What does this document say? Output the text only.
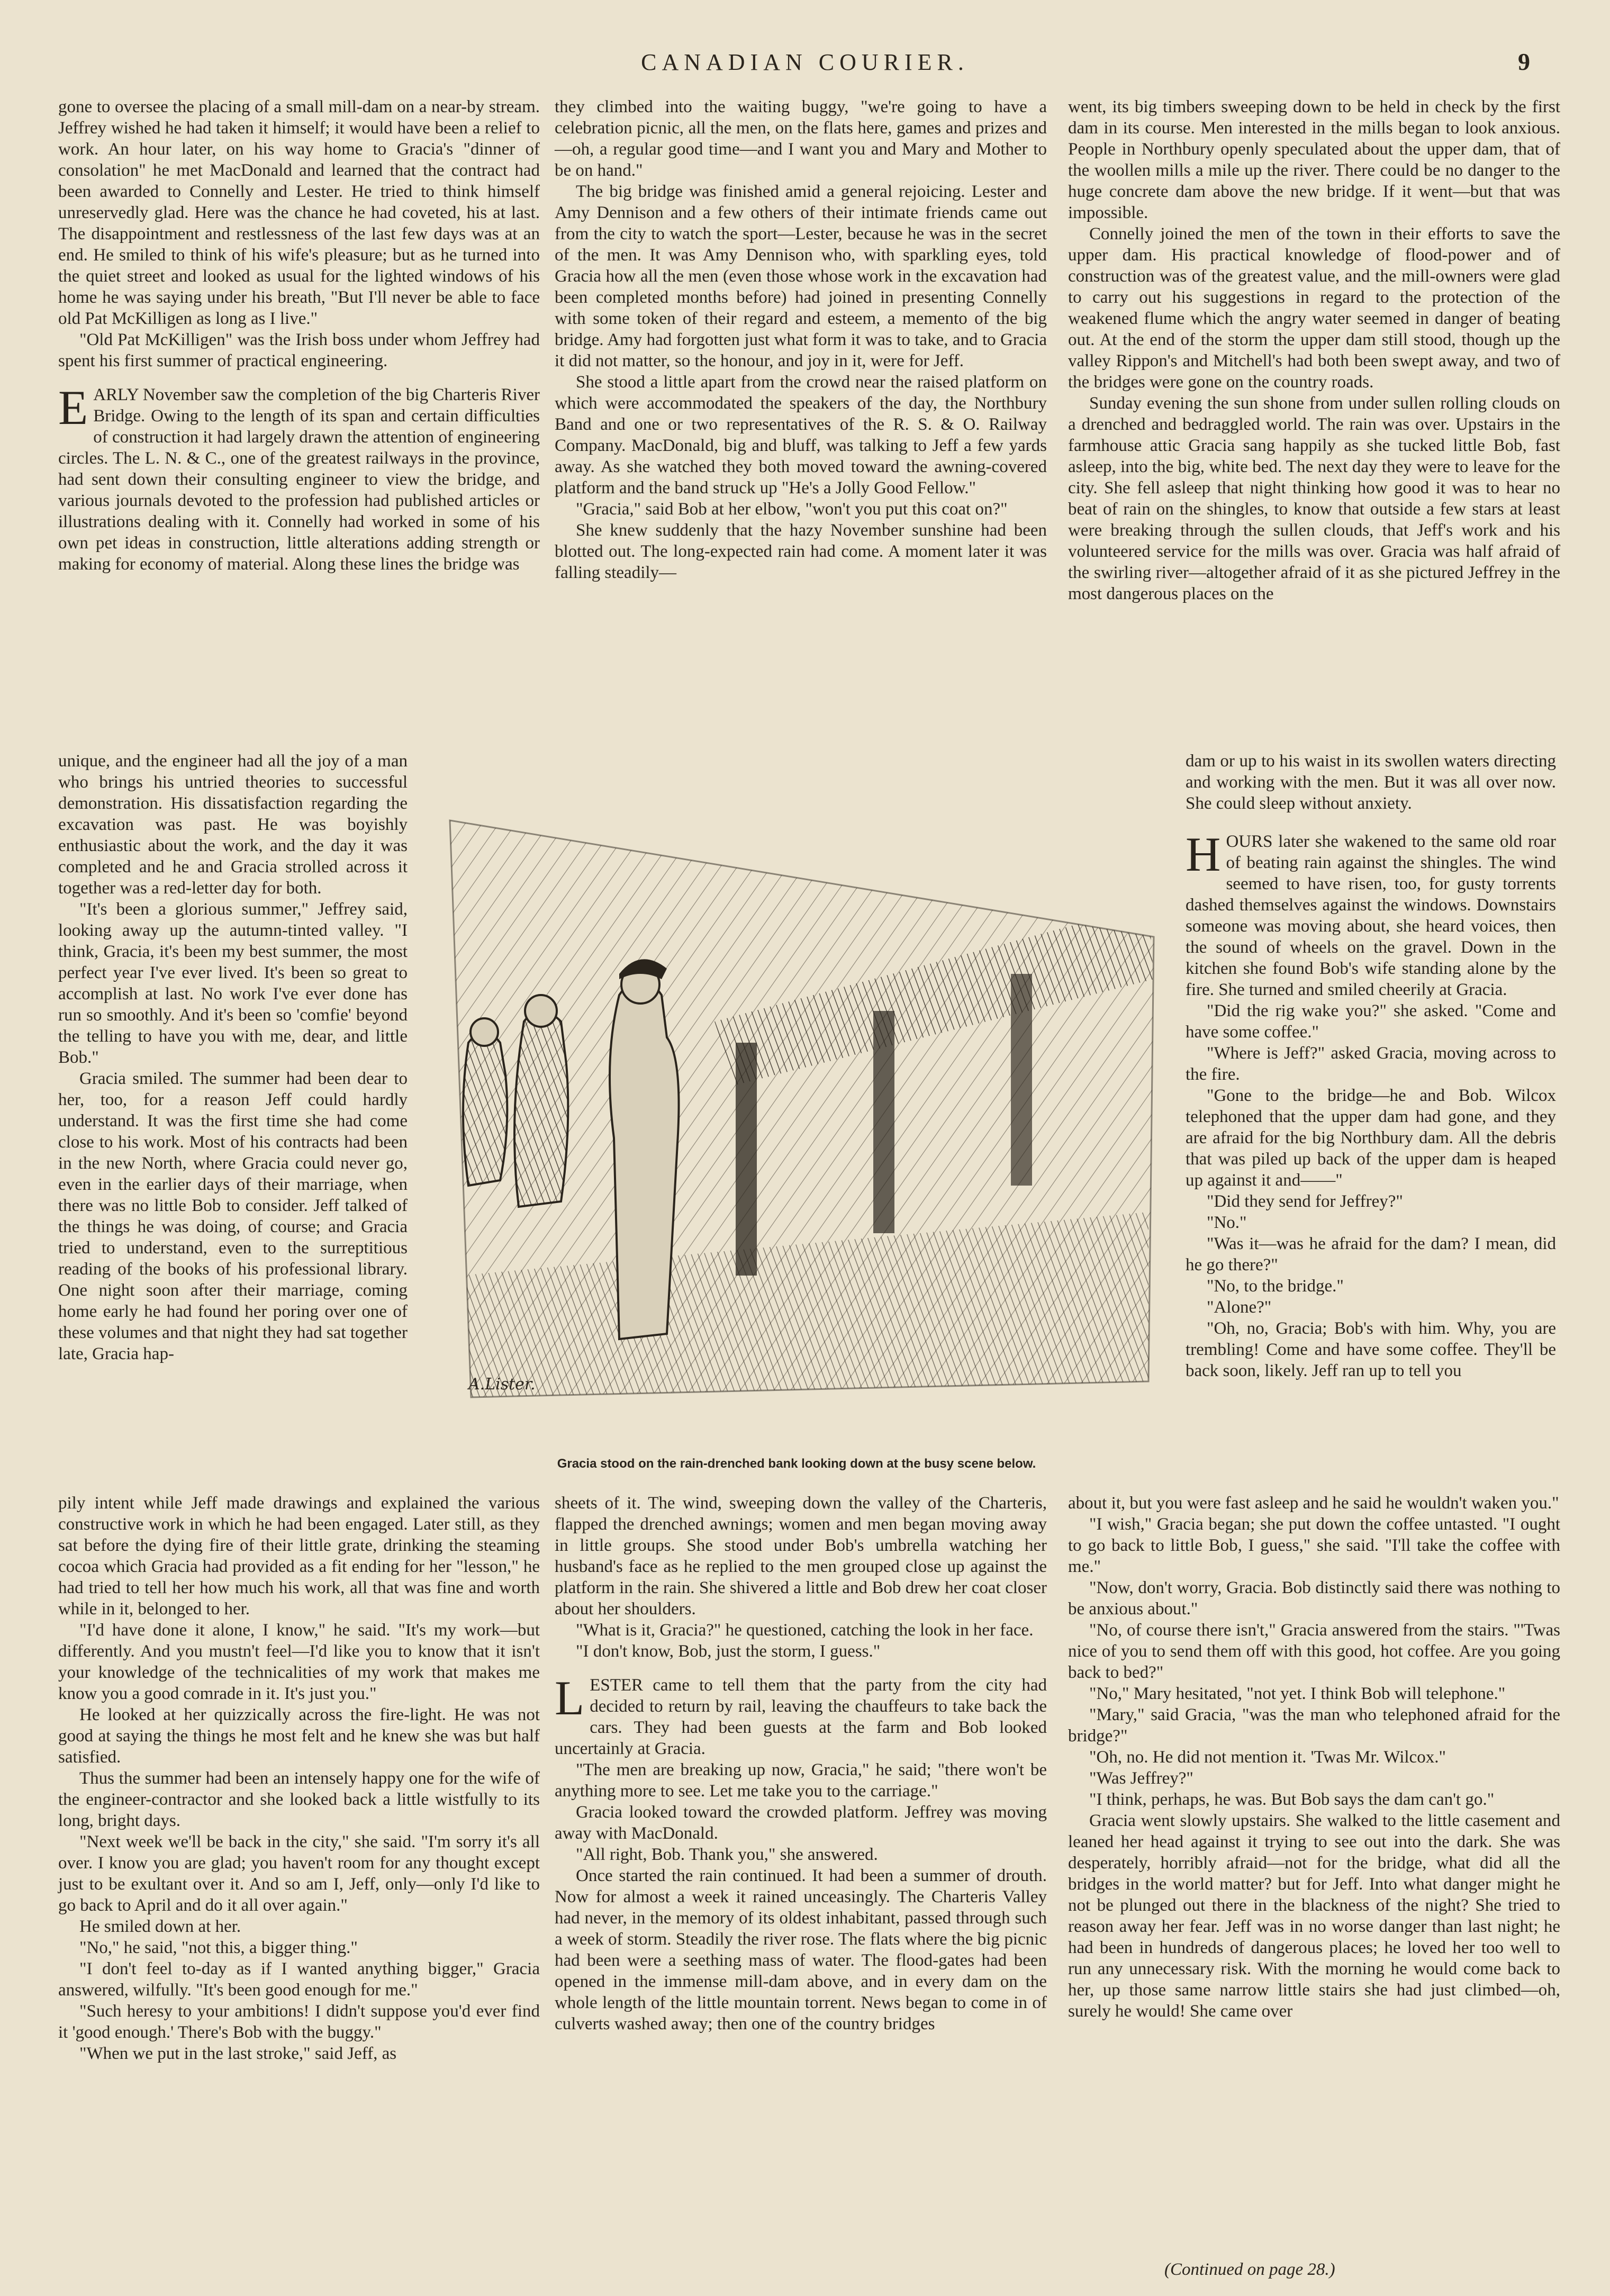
CANADIAN COURIER.	9

gone to oversee the placing of a small mill-dam on a near-by stream. Jeffrey wished he had taken it himself; it would have been a relief to work. An hour later, on his way home to Gracia's "dinner of consolation" he met MacDonald and learned that the contract had been awarded to Connelly and Lester. He tried to think himself unreservedly glad. Here was the chance he had coveted, his at last. The disappointment and restlessness of the last few days was at an end. He smiled to think of his wife's pleasure; but as he turned into the quiet street and looked as usual for the lighted windows of his home he was saying under his breath, "But I'll never be able to face old Pat McKilligen as long as I live."

"Old Pat McKilligen" was the Irish boss under whom Jeffrey had spent his first summer of practical engineering.

EARLY November saw the completion of the big Charteris River Bridge. Owing to the length of its span and certain difficulties of construction it had largely drawn the attention of engineering circles. The L. N. & C., one of the greatest railways in the province, had sent down their consulting engineer to view the bridge, and various journals devoted to the profession had published articles or illustrations dealing with it. Connelly had worked in some of his own pet ideas in construction, little alterations adding strength or making for economy of material. Along these lines the bridge was

unique, and the engineer had all the joy of a man who brings his untried theories to successful demonstration. His dissatisfaction regarding the excavation was past. He was boyishly enthusiastic about the work, and the day it was completed and he and Gracia strolled across it together was a red-letter day for both.

"It's been a glorious summer," Jeffrey said, looking away up the autumn-tinted valley. "I think, Gracia, it's been my best summer, the most perfect year I've ever lived. It's been so great to accomplish at last. No work I've ever done has run so smoothly. And it's been so 'comfie' beyond the telling to have you with me, dear, and little Bob."

Gracia smiled. The summer had been dear to her, too, for a reason Jeff could hardly understand. It was the first time she had come close to his work. Most of his contracts had been in the new North, where Gracia could never go, even in the earlier days of their marriage, when there was no little Bob to consider. Jeff talked of the things he was doing, of course; and Gracia tried to understand, even to the surreptitious reading of the books of his professional library. One night soon after their marriage, coming home early he had found her poring over one of these volumes and that night they had sat together late, Gracia hap-

pily intent while Jeff made drawings and explained the various constructive work in which he had been engaged. Later still, as they sat before the dying fire of their little grate, drinking the steaming cocoa which Gracia had provided as a fit ending for her "lesson," he had tried to tell her how much his work, all that was fine and worth while in it, belonged to her.

"I'd have done it alone, I know," he said. "It's my work—but differently. And you mustn't feel—I'd like you to know that it isn't your knowledge of the technicalities of my work that makes me know you a good comrade in it. It's just you."

He looked at her quizzically across the fire-light. He was not good at saying the things he most felt and he knew she was but half satisfied.

Thus the summer had been an intensely happy one for the wife of the engineer-contractor and she looked back a little wistfully to its long, bright days.

"Next week we'll be back in the city," she said. "I'm sorry it's all over. I know you are glad; you haven't room for any thought except just to be exultant over it. And so am I, Jeff, only—only I'd like to go back to April and do it all over again."

He smiled down at her.

"No," he said, "not this, a bigger thing."

"I don't feel to-day as if I wanted anything bigger," Gracia answered, wilfully. "It's been good enough for me."

"Such heresy to your ambitions! I didn't suppose you'd ever find it 'good enough.' There's Bob with the buggy."

"When we put in the last stroke," said Jeff, as

they climbed into the waiting buggy, "we're going to have a celebration picnic, all the men, on the flats here, games and prizes and—oh, a regular good time—and I want you and Mary and Mother to be on hand."

The big bridge was finished amid a general rejoicing. Lester and Amy Dennison and a few others of their intimate friends came out from the city to watch the sport—Lester, because he was in the secret of the men. It was Amy Dennison who, with sparkling eyes, told Gracia how all the men (even those whose work in the excavation had been completed months before) had joined in presenting Connelly with some token of their regard and esteem, a memento of the big bridge. Amy had forgotten just what form it was to take, and to Gracia it did not matter, so the honour, and joy in it, were for Jeff.

She stood a little apart from the crowd near the raised platform on which were accommodated the speakers of the day, the Northbury Band and one or two representatives of the R. S. & O. Railway Company. MacDonald, big and bluff, was talking to Jeff a few yards away. As she watched they both moved toward the awning-covered platform and the band struck up "He's a Jolly Good Fellow."

"Gracia," said Bob at her elbow, "won't you put this coat on?"

She knew suddenly that the hazy November sunshine had been blotted out. The long-expected rain had come. A moment later it was falling steadily—

sheets of it. The wind, sweeping down the valley of the Charteris, flapped the drenched awnings; women and men began moving away in little groups. She stood under Bob's umbrella watching her husband's face as he replied to the men grouped close up against the platform in the rain. She shivered a little and Bob drew her coat closer about her shoulders.

"What is it, Gracia?" he questioned, catching the look in her face.

"I don't know, Bob, just the storm, I guess."

LESTER came to tell them that the party from the city had decided to return by rail, leaving the chauffeurs to take back the cars. They had been guests at the farm and Bob looked uncertainly at Gracia.

"The men are breaking up now, Gracia," he said; "there won't be anything more to see. Let me take you to the carriage."

Gracia looked toward the crowded platform. Jeffrey was moving away with MacDonald.

"All right, Bob. Thank you," she answered.

Once started the rain continued. It had been a summer of drouth. Now for almost a week it rained unceasingly. The Charteris Valley had never, in the memory of its oldest inhabitant, passed through such a week of storm. Steadily the river rose. The flats where the big picnic had been were a seething mass of water. The flood-gates had been opened in the immense mill-dam above, and in every dam on the whole length of the little mountain torrent. News began to come in of culverts washed away; then one of the country bridges

went, its big timbers sweeping down to be held in check by the first dam in its course. Men interested in the mills began to look anxious. People in Northbury openly speculated about the upper dam, that of the woollen mills a mile up the river. There could be no danger to the huge concrete dam above the new bridge. If it went—but that was impossible.

Connelly joined the men of the town in their efforts to save the upper dam. His practical knowledge of flood-power and of construction was of the greatest value, and the mill-owners were glad to carry out his suggestions in regard to the protection of the weakened flume which the angry water seemed in danger of beating out. At the end of the storm the upper dam still stood, though up the valley Rippon's and Mitchell's had both been swept away, and two of the bridges were gone on the country roads.

Sunday evening the sun shone from under sullen rolling clouds on a drenched and bedraggled world. The rain was over. Upstairs in the farmhouse attic Gracia sang happily as she tucked little Bob, fast asleep, into the big, white bed. The next day they were to leave for the city. She fell asleep that night thinking how good it was to hear no beat of rain on the shingles, to know that outside a few stars at least were breaking through the sullen clouds, that Jeff's work and his volunteered service for the mills was over. Gracia was half afraid of the swirling river—altogether afraid of it as she pictured Jeffrey in the most dangerous places on the

dam or up to his waist in its swollen waters directing and working with the men. But it was all over now. She could sleep without anxiety.

HOURS later she wakened to the same old roar of beating rain against the shingles. The wind seemed to have risen, too, for gusty torrents dashed themselves against the windows. Downstairs someone was moving about, she heard voices, then the sound of wheels on the gravel. Down in the kitchen she found Bob's wife standing alone by the fire. She turned and smiled cheerily at Gracia.

"Did the rig wake you?" she asked. "Come and have some coffee."

"Where is Jeff?" asked Gracia, moving across to the fire.

"Gone to the bridge—he and Bob. Wilcox telephoned that the upper dam had gone, and they are afraid for the big Northbury dam. All the debris that was piled up back of the upper dam is heaped up against it and——"

"Did they send for Jeffrey?"

"No."

"Was it—was he afraid for the dam? I mean, did he go there?"

"No, to the bridge."

"Alone?"

"Oh, no, Gracia; Bob's with him. Why, you are trembling! Come and have some coffee. They'll be back soon, likely. Jeff ran up to tell you

about it, but you were fast asleep and he said he wouldn't waken you."

"I wish," Gracia began; she put down the coffee untasted. "I ought to go back to little Bob, I guess," she said. "I'll take the coffee with me."

"Now, don't worry, Gracia. Bob distinctly said there was nothing to be anxious about."

"No, of course there isn't," Gracia answered from the stairs. "'Twas nice of you to send them off with this good, hot coffee. Are you going back to bed?"

"No," Mary hesitated, "not yet. I think Bob will telephone."

"Mary," said Gracia, "was the man who telephoned afraid for the bridge?"

"Oh, no. He did not mention it. 'Twas Mr. Wilcox."

"Was Jeffrey?"

"I think, perhaps, he was. But Bob says the dam can't go."

Gracia went slowly upstairs. She walked to the little casement and leaned her head against it trying to see out into the dark. She was desperately, horribly afraid—not for the bridge, what did all the bridges in the world matter? but for Jeff. Into what danger might he not be plunged out there in the blackness of the night? She tried to reason away her fear. Jeff was in no worse danger than last night; he had been in hundreds of dangerous places; he loved her too well to run any unnecessary risk. With the morning he would come back to her, up those same narrow little stairs she had just climbed—oh, surely he would! She came over

A.Lister.
Gracia stood on the rain-drenched bank looking down at the busy scene below.
(Continued on page 28.)
